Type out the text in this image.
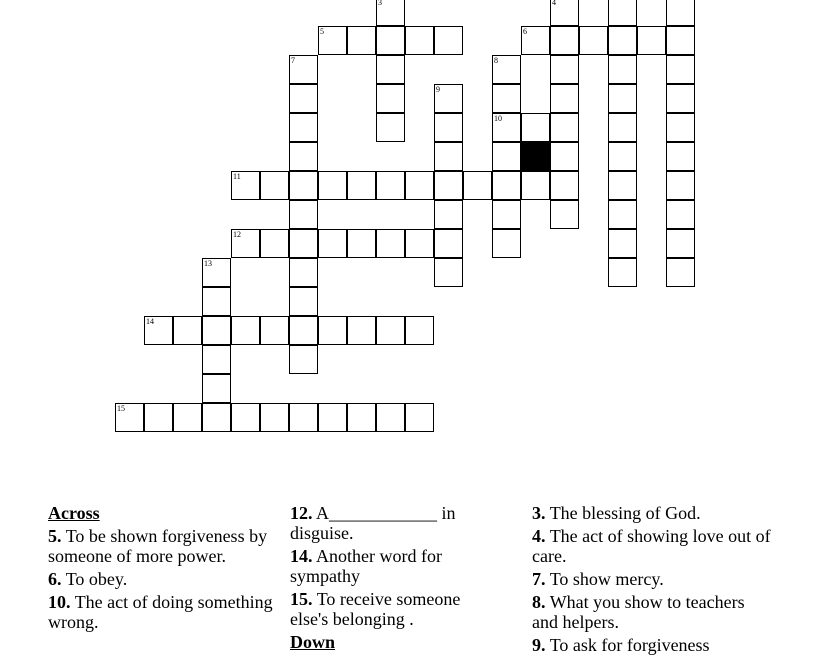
3	4
5	6
7	8
9
10
11
12
13
14
15
Across
5. To be shown forgiveness by someone of more power.
6. To obey.
10. The act of doing something wrong.
12. A____________ in disguise.
14. Another word for sympathy
15. To receive someone else's belonging .
Down
3. The blessing of God.
4. The act of showing love out of care.
7. To show mercy.
8. What you show to teachers and helpers.
9. To ask for forgiveness
